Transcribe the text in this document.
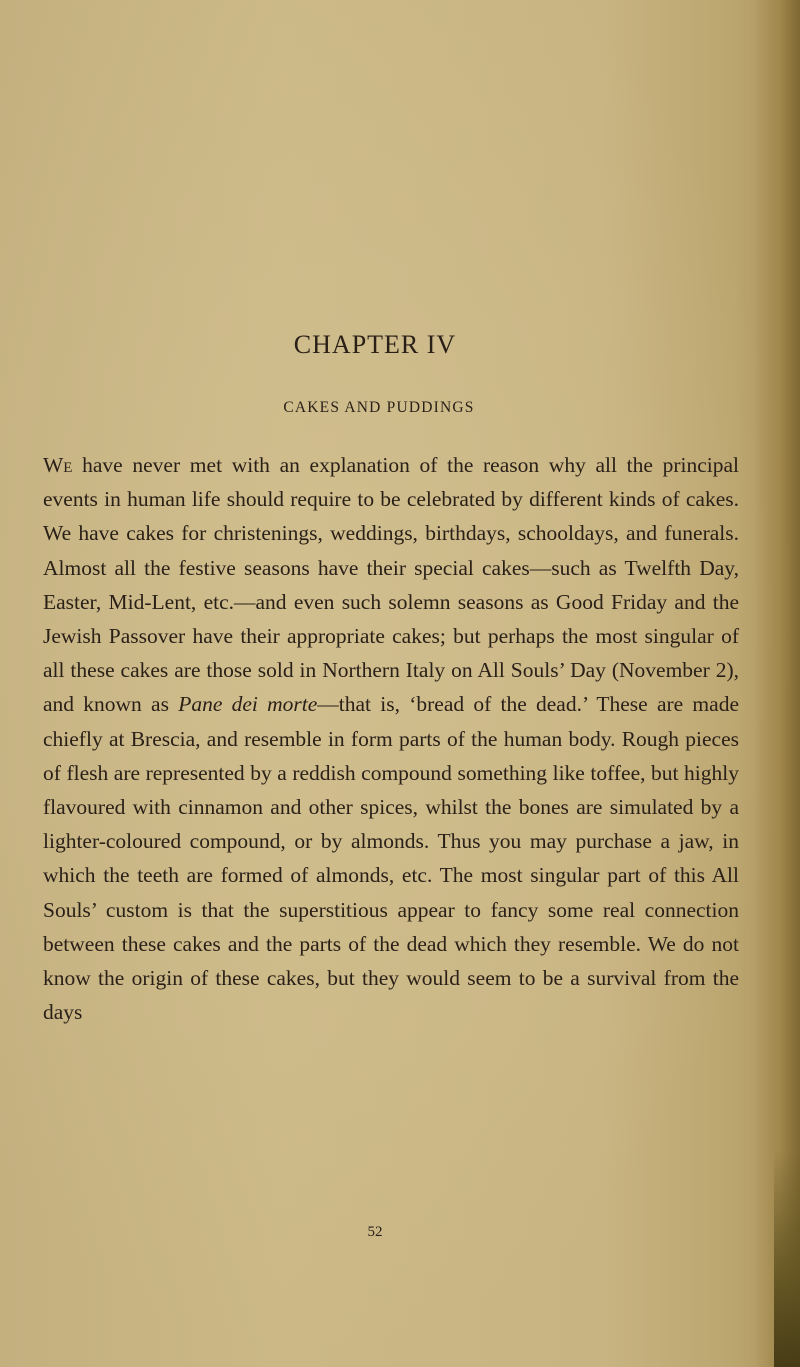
CHAPTER IV
CAKES AND PUDDINGS
We have never met with an explanation of the reason why all the principal events in human life should require to be celebrated by different kinds of cakes. We have cakes for christenings, weddings, birthdays, schooldays, and funerals. Almost all the festive seasons have their special cakes—such as Twelfth Day, Easter, Mid-Lent, etc.—and even such solemn seasons as Good Friday and the Jewish Passover have their appropriate cakes; but perhaps the most singular of all these cakes are those sold in Northern Italy on All Souls’ Day (November 2), and known as Pane dei morte—that is, ‘bread of the dead.’ These are made chiefly at Brescia, and resemble in form parts of the human body. Rough pieces of flesh are represented by a reddish compound something like toffee, but highly flavoured with cinnamon and other spices, whilst the bones are simulated by a lighter-coloured compound, or by almonds. Thus you may purchase a jaw, in which the teeth are formed of almonds, etc. The most singular part of this All Souls’ custom is that the superstitious appear to fancy some real connection between these cakes and the parts of the dead which they resemble. We do not know the origin of these cakes, but they would seem to be a survival from the days
52
